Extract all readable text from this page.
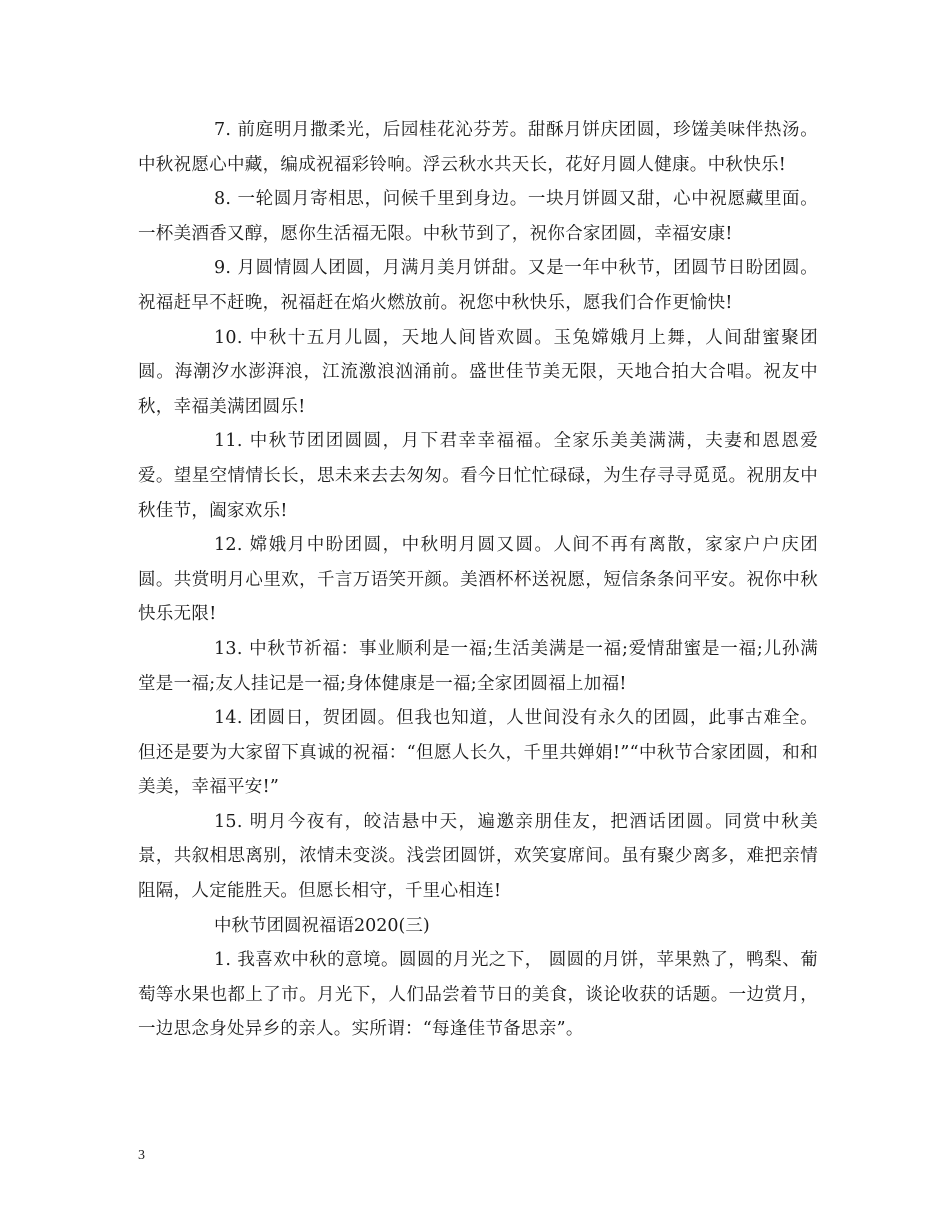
7. 前庭明月撒柔光，后园桂花沁芬芳。甜酥月饼庆团圆，珍馐美味伴热汤。中秋祝愿心中藏，编成祝福彩铃响。浮云秋水共天长，花好月圆人健康。中秋快乐!

8. 一轮圆月寄相思，问候千里到身边。一块月饼圆又甜，心中祝愿藏里面。一杯美酒香又醇，愿你生活福无限。中秋节到了，祝你合家团圆，幸福安康!

9. 月圆情圆人团圆，月满月美月饼甜。又是一年中秋节，团圆节日盼团圆。祝福赶早不赶晚，祝福赶在焰火燃放前。祝您中秋快乐，愿我们合作更愉快!

10. 中秋十五月儿圆，天地人间皆欢圆。玉兔嫦娥月上舞，人间甜蜜聚团圆。海潮汐水澎湃浪，江流激浪汹涌前。盛世佳节美无限，天地合拍大合唱。祝友中秋，幸福美满团圆乐!

11. 中秋节团团圆圆，月下君幸幸福福。全家乐美美满满，夫妻和恩恩爱爱。望星空情情长长，思未来去去匆匆。看今日忙忙碌碌，为生存寻寻觅觅。祝朋友中秋佳节，阖家欢乐!

12. 嫦娥月中盼团圆，中秋明月圆又圆。人间不再有离散，家家户户庆团圆。共赏明月心里欢，千言万语笑开颜。美酒杯杯送祝愿，短信条条问平安。祝你中秋快乐无限!

13. 中秋节祈福：事业顺利是一福;生活美满是一福;爱情甜蜜是一福;儿孙满堂是一福;友人挂记是一福;身体健康是一福;全家团圆福上加福!

14. 团圆日，贺团圆。但我也知道，人世间没有永久的团圆，此事古难全。但还是要为大家留下真诚的祝福：“但愿人长久，千里共婵娟!”“中秋节合家团圆，和和美美，幸福平安!”

15. 明月今夜有，皎洁悬中天，遍邀亲朋佳友，把酒话团圆。同赏中秋美景，共叙相思离别，浓情未变淡。浅尝团圆饼，欢笑宴席间。虽有聚少离多，难把亲情阻隔，人定能胜天。但愿长相守，千里心相连!

中秋节团圆祝福语2020(三)

1. 我喜欢中秋的意境。圆圆的月光之下， 圆圆的月饼，苹果熟了，鸭梨、葡萄等水果也都上了市。月光下，人们品尝着节日的美食，谈论收获的话题。一边赏月，一边思念身处异乡的亲人。实所谓：“每逢佳节备思亲”。

3
